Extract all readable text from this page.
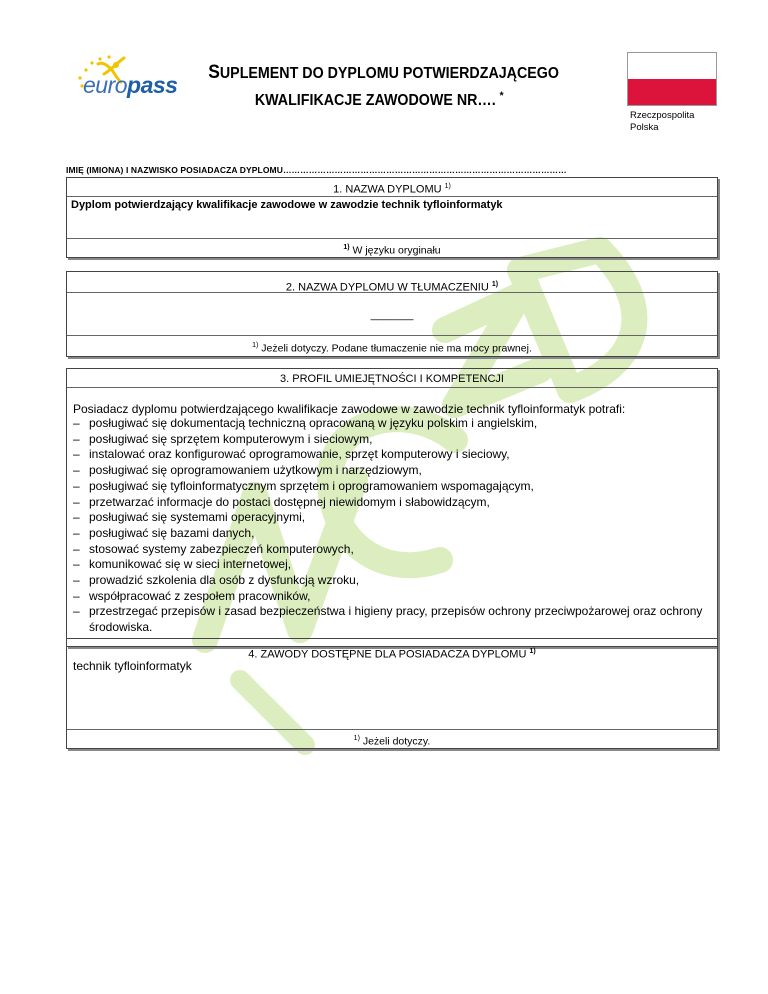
europass	SUPLEMENT DO DYPLOMU POTWIERDZAJĄCEGO
KWALIFIKACJE ZAWODOWE NR…. *
Rzeczpospolita
Polska
IMIĘ (IMIONA) I NAZWISKO POSIADACZA DYPLOMU………………………………………………………………………………………
1. NAZWA DYPLOMU $^{1)}$
Dyplom potwierdzający kwalifikacje zawodowe w zawodzie technik tyfloinformatyk
$^{1)}$ W języku oryginału
2. NAZWA DYPLOMU W TŁUMACZENIU $^{1)}$
_______
$^{1)}$ Jeżeli dotyczy. Podane tłumaczenie nie ma mocy prawnej.
3. PROFIL UMIEJĘTNOŚCI I KOMPETENCJI
Posiadacz dyplomu potwierdzającego kwalifikacje zawodowe w zawodzie technik tyfloinformatyk potrafi:
– posługiwać się dokumentacją techniczną opracowaną w języku polskim i angielskim,
– posługiwać się sprzętem komputerowym i sieciowym,
– instalować oraz konfigurować oprogramowanie, sprzęt komputerowy i sieciowy,
– posługiwać się oprogramowaniem użytkowym i narzędziowym,
– posługiwać się tyfloinformatycznym sprzętem i oprogramowaniem wspomagającym,
– przetwarzać informacje do postaci dostępnej niewidomym i słabowidzącym,
– posługiwać się systemami operacyjnymi,
– posługiwać się bazami danych,
– stosować systemy zabezpieczeń komputerowych,
– komunikować się w sieci internetowej,
– prowadzić szkolenia dla osób z dysfunkcją wzroku,
– współpracować z zespołem pracowników,
– przestrzegać przepisów i zasad bezpieczeństwa i higieny pracy, przepisów ochrony przeciwpożarowej oraz ochrony środowiska.
4. ZAWODY DOSTĘPNE DLA POSIADACZA DYPLOMU $^{1)}$
technik tyfloinformatyk
$^{1)}$ Jeżeli dotyczy.
